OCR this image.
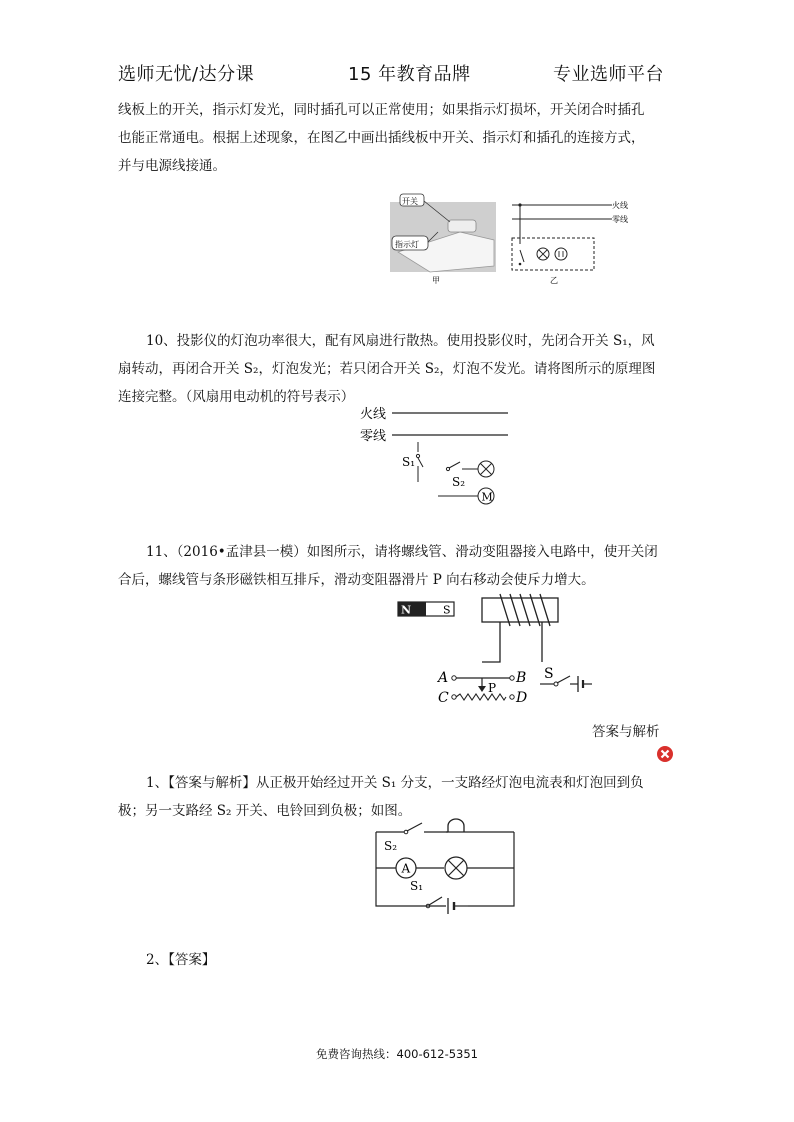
选师无忧/达分课	15 年教育品牌	专业选师平台

线板上的开关，指示灯发光，同时插孔可以正常使用；如果指示灯损坏，开关闭合时插孔

也能正常通电。根据上述现象，在图乙中画出插线板中开关、指示灯和插孔的连接方式，

并与电源线接通。

开关
指示灯
甲
火线
零线
乙

10、投影仪的灯泡功率很大，配有风扇进行散热。使用投影仪时，先闭合开关 S₁，风

扇转动，再闭合开关 S₂，灯泡发光；若只闭合开关 S₂，灯泡不发光。请将图所示的原理图

连接完整。（风扇用电动机的符号表示）

火线
零线
S₁
S₂
M

11、（2016•孟津县一模）如图所示，请将螺线管、滑动变阻器接入电路中，使开关闭

合后，螺线管与条形磁铁相互排斥，滑动变阻器滑片 P 向右移动会使斥力增大。

N	S
A	B
P
C	D
S
答案与解析

1、【答案与解析】从正极开始经过开关 S₁ 分支，一支路经灯泡电流表和灯泡回到负

极；另一支路经 S₂ 开关、电铃回到负极；如图。

S₂
A
S₁

2、【答案】

免费咨询热线：400-612-5351
